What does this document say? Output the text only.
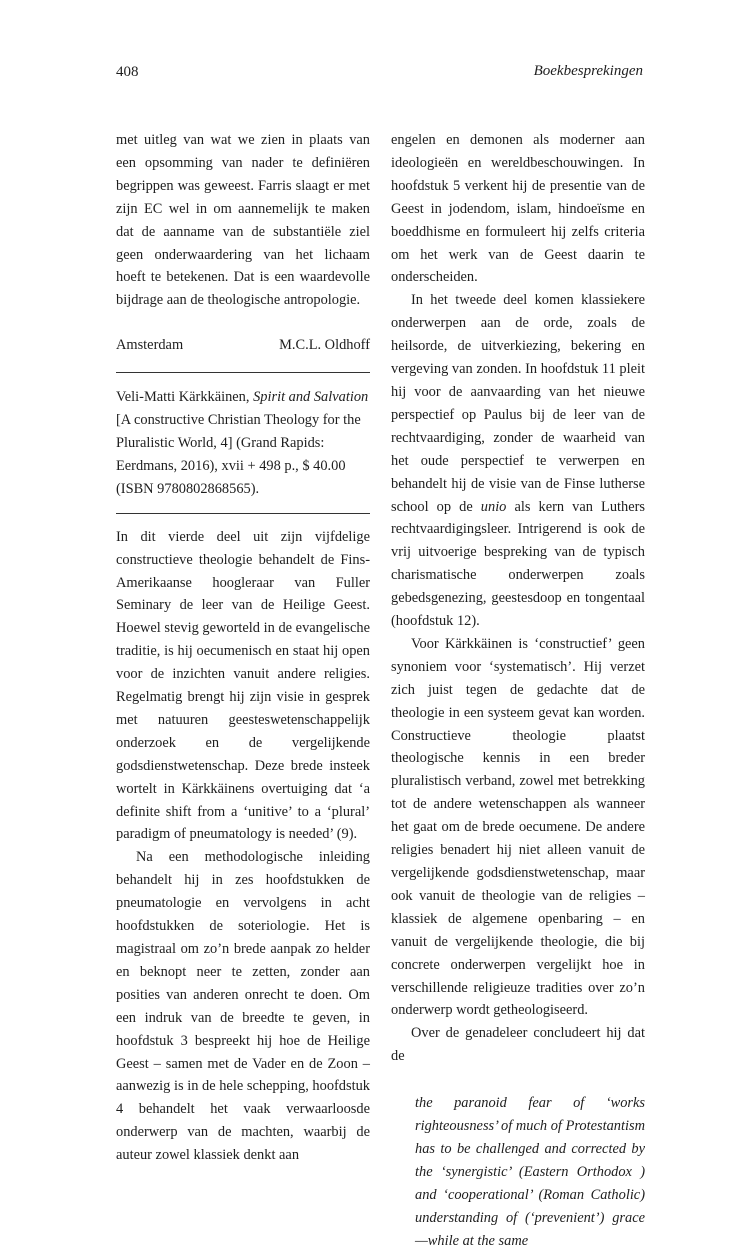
408	Boekbesprekingen

met uitleg van wat we zien in plaats van een opsomming van nader te definiëren begrippen was geweest. Farris slaagt er met zijn EC wel in om aannemelijk te maken dat de aanname van de substantiële ziel geen onderwaardering van het lichaam hoeft te betekenen. Dat is een waardevolle bijdrage aan de theologische antropologie.

Amsterdam	M.C.L. Oldhoff

Veli-Matti Kärkkäinen, Spirit and Salvation [A constructive Christian Theology for the Pluralistic World, 4] (Grand Rapids: Eerdmans, 2016), xvii + 498 p., $ 40.00 (ISBN 9780802868565).

In dit vierde deel uit zijn vijfdelige constructieve theologie behandelt de Fins-Amerikaanse hoogleraar van Fuller Seminary de leer van de Heilige Geest. Hoewel stevig geworteld in de evangelische traditie, is hij oecumenisch en staat hij open voor de inzichten vanuit andere religies. Regelmatig brengt hij zijn visie in gesprek met natuuren geesteswetenschappelijk onderzoek en de vergelijkende godsdienstwetenschap. Deze brede insteek wortelt in Kärkkäinens overtuiging dat ‘a definite shift from a ‘unitive’ to a ‘plural’ paradigm of pneumatology is needed’ (9).

Na een methodologische inleiding behandelt hij in zes hoofdstukken de pneumatologie en vervolgens in acht hoofdstukken de soteriologie. Het is magistraal om zo’n brede aanpak zo helder en beknopt neer te zetten, zonder aan posities van anderen onrecht te doen. Om een indruk van de breedte te geven, in hoofdstuk 3 bespreekt hij hoe de Heilige Geest – samen met de Vader en de Zoon –aanwezig is in de hele schepping, hoofdstuk 4 behandelt het vaak verwaarloosde onderwerp van de machten, waarbij de auteur zowel klassiek denkt aan

engelen en demonen als moderner aan ideologieën en wereldbeschouwingen. In hoofdstuk 5 verkent hij de presentie van de Geest in jodendom, islam, hindoeïsme en boeddhisme en formuleert hij zelfs criteria om het werk van de Geest daarin te onderscheiden.

In het tweede deel komen klassiekere onderwerpen aan de orde, zoals de heilsorde, de uitverkiezing, bekering en vergeving van zonden. In hoofdstuk 11 pleit hij voor de aanvaarding van het nieuwe perspectief op Paulus bij de leer van de rechtvaardiging, zonder de waarheid van het oude perspectief te verwerpen en behandelt hij de visie van de Finse lutherse school op de unio als kern van Luthers rechtvaardigingsleer. Intrigerend is ook de vrij uitvoerige bespreking van de typisch charismatische onderwerpen zoals gebedsgenezing, geestesdoop en tongentaal (hoofdstuk 12).

Voor Kärkkäinen is ‘constructief’ geen synoniem voor ‘systematisch’. Hij verzet zich juist tegen de gedachte dat de theologie in een systeem gevat kan worden. Constructieve theologie plaatst theologische kennis in een breder pluralistisch verband, zowel met betrekking tot de andere wetenschappen als wanneer het gaat om de brede oecumene. De andere religies benadert hij niet alleen vanuit de vergelijkende godsdienstwetenschap, maar ook vanuit de theologie van de religies – klassiek de algemene openbaring – en vanuit de vergelijkende theologie, die bij concrete onderwerpen vergelijkt hoe in verschillende religieuze tradities over zo’n onderwerp wordt getheologiseerd.

Over de genadeleer concludeert hij dat de

the paranoid fear of ‘works righteousness’ of much of Protestantism has to be challenged and corrected by the ‘synergistic’ (Eastern Orthodox ) and ‘cooperational’ (Roman Catholic) understanding of (‘prevenient’) grace—while at the same
